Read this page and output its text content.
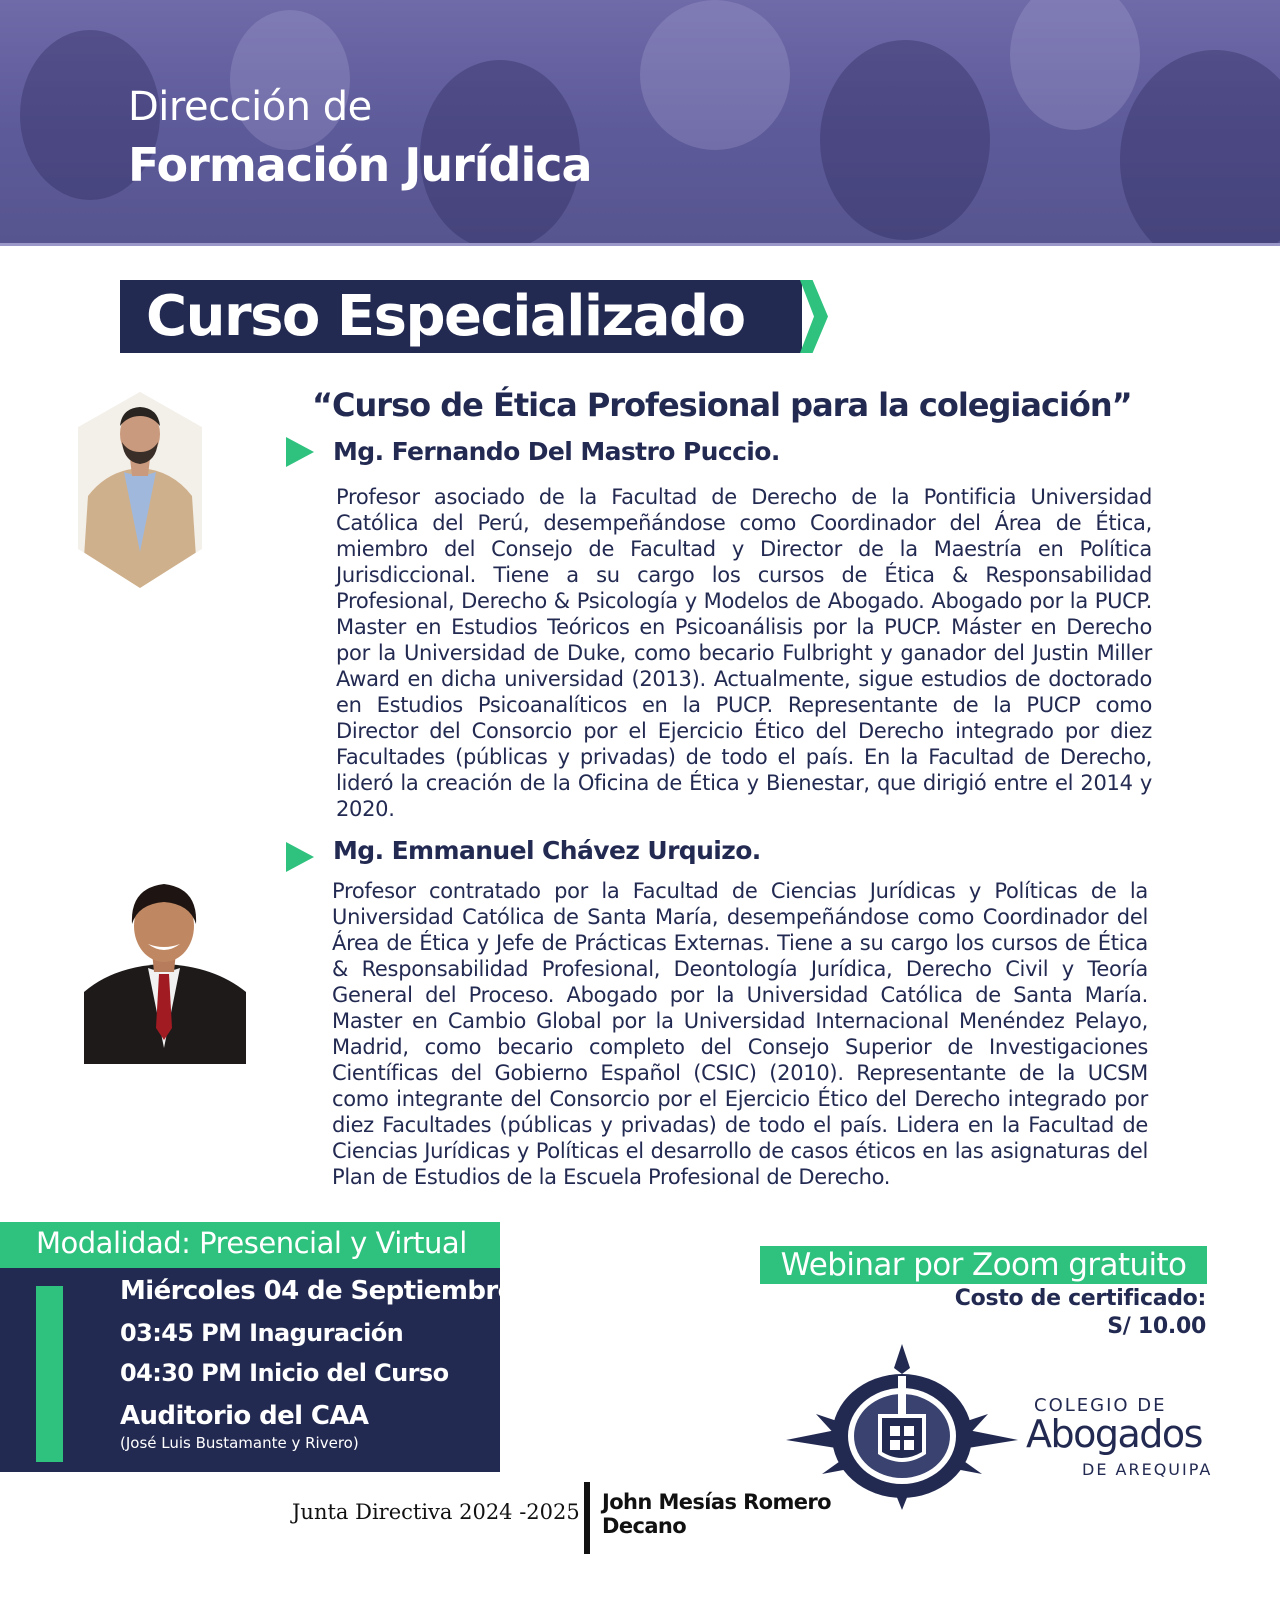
Dirección de
Formación Jurídica
Curso Especializado
“Curso de Ética Profesional para la colegiación”
Mg. Fernando Del Mastro Puccio.
Profesor asociado de la Facultad de Derecho de la Pontificia Universidad Católica del Perú, desempeñándose como Coordinador del Área de Ética, miembro del Consejo de Facultad y Director de la Maestría en Política Jurisdiccional. Tiene a su cargo los cursos de Ética & Responsabilidad Profesional, Derecho & Psicología y Modelos de Abogado. Abogado por la PUCP. Master en Estudios Teóricos en Psicoanálisis por la PUCP. Máster en Derecho por la Universidad de Duke, como becario Fulbright y ganador del Justin Miller Award en dicha universidad (2013). Actualmente, sigue estudios de doctorado en Estudios Psicoanalíticos en la PUCP. Representante de la PUCP como Director del Consorcio por el Ejercicio Ético del Derecho integrado por diez Facultades (públicas y privadas) de todo el país. En la Facultad de Derecho, lideró la creación de la Oficina de Ética y Bienestar, que dirigió entre el 2014 y 2020.
Mg. Emmanuel Chávez Urquizo.
Profesor contratado por la Facultad de Ciencias Jurídicas y Políticas de la Universidad Católica de Santa María, desempeñándose como Coordinador del Área de Ética y Jefe de Prácticas Externas. Tiene a su cargo los cursos de Ética & Responsabilidad Profesional, Deontología Jurídica, Derecho Civil y Teoría General del Proceso. Abogado por la Universidad Católica de Santa María. Master en Cambio Global por la Universidad Internacional Menéndez Pelayo, Madrid, como becario completo del Consejo Superior de Investigaciones Científicas del Gobierno Español (CSIC) (2010). Representante de la UCSM como integrante del Consorcio por el Ejercicio Ético del Derecho integrado por diez Facultades (públicas y privadas) de todo el país. Lidera en la Facultad de Ciencias Jurídicas y Políticas el desarrollo de casos éticos en las asignaturas del Plan de Estudios de la Escuela Profesional de Derecho.
Modalidad: Presencial y Virtual
Miércoles 04 de Septiembre
03:45 PM Inaguración
04:30 PM Inicio del Curso
Auditorio del CAA
(José Luis Bustamante y Rivero)
Webinar por Zoom gratuito
Costo de certificado:
S/ 10.00
COLEGIO DE
Abogados
DE AREQUIPA
Junta Directiva 2024 -2025 John Mesías Romero
Decano
